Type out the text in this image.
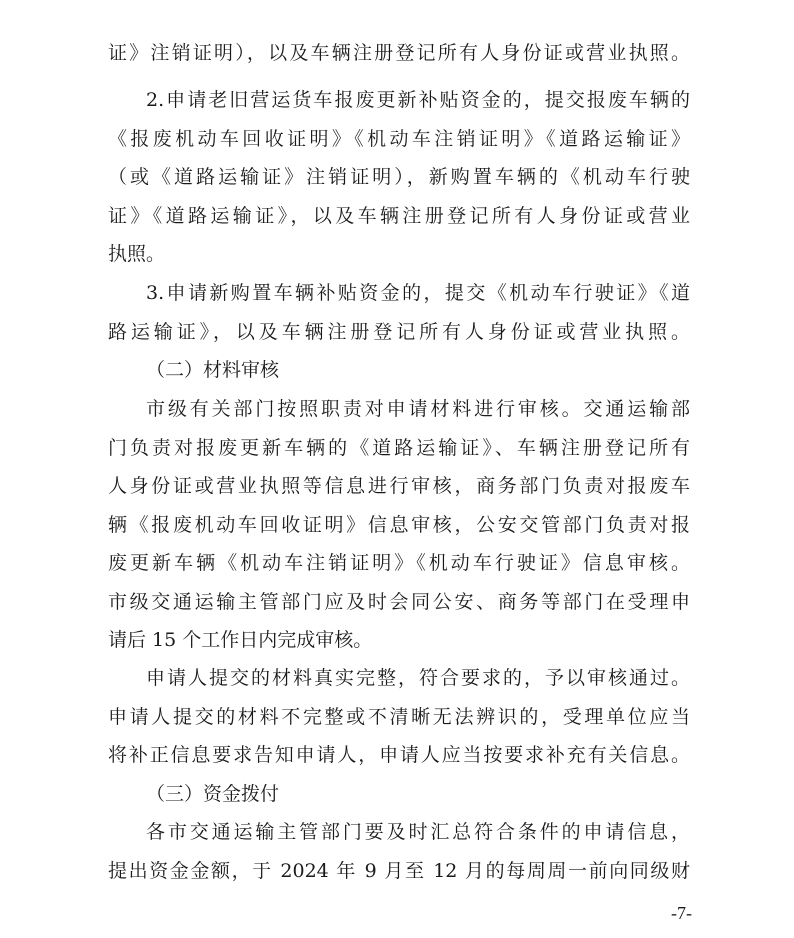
证》注销证明），以及车辆注册登记所有人身份证或营业执照。
2.申请老旧营运货车报废更新补贴资金的，提交报废车辆的
《报废机动车回收证明》《机动车注销证明》《道路运输证》
（或《道路运输证》注销证明），新购置车辆的《机动车行驶
证》《道路运输证》，以及车辆注册登记所有人身份证或营业
执照。
3.申请新购置车辆补贴资金的，提交《机动车行驶证》《道
路运输证》，以及车辆注册登记所有人身份证或营业执照。
（二）材料审核
市级有关部门按照职责对申请材料进行审核。交通运输部
门负责对报废更新车辆的《道路运输证》、车辆注册登记所有
人身份证或营业执照等信息进行审核，商务部门负责对报废车
辆《报废机动车回收证明》信息审核，公安交管部门负责对报
废更新车辆《机动车注销证明》《机动车行驶证》信息审核。
市级交通运输主管部门应及时会同公安、商务等部门在受理申
请后 15 个工作日内完成审核。
申请人提交的材料真实完整，符合要求的，予以审核通过。
申请人提交的材料不完整或不清晰无法辨识的，受理单位应当
将补正信息要求告知申请人，申请人应当按要求补充有关信息。
（三）资金拨付
各市交通运输主管部门要及时汇总符合条件的申请信息，
提出资金金额，于 2024 年 9 月至 12 月的每周周一前向同级财
-7-
